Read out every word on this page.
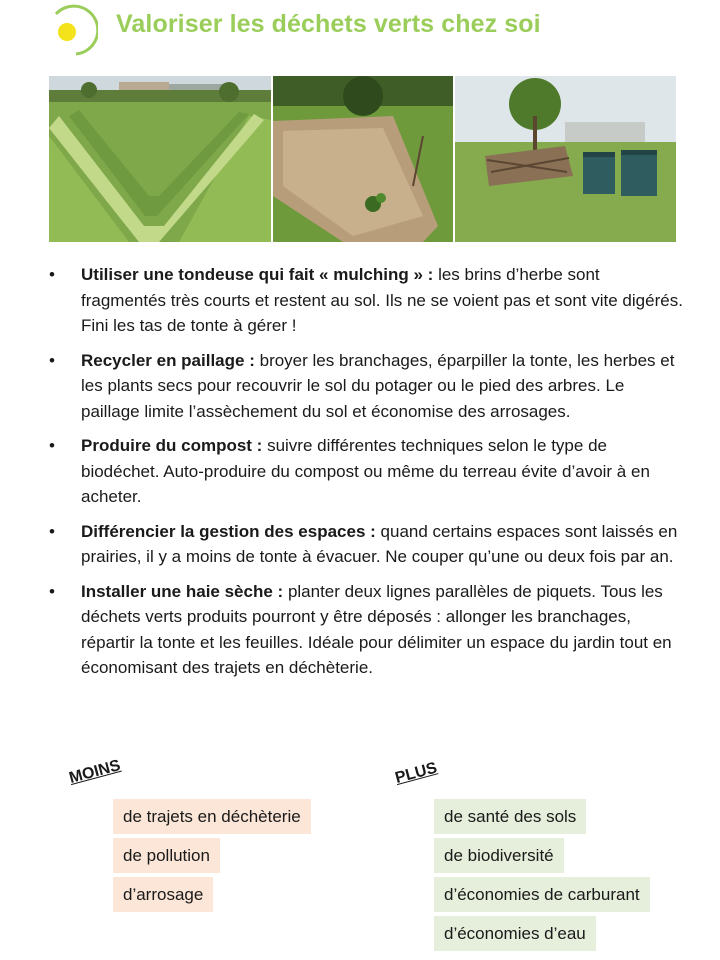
Valoriser les déchets verts chez soi
• Utiliser une tondeuse qui fait « mulching » : les brins d’herbe sont fragmentés très courts et restent au sol. Ils ne se voient pas et sont vite digérés. Fini les tas de tonte à gérer !
• Recycler en paillage : broyer les branchages, éparpiller la tonte, les herbes et les plants secs pour recouvrir le sol du potager ou le pied des arbres. Le paillage limite l’assèchement du sol et économise des arrosages.
• Produire du compost : suivre différentes techniques selon le type de biodéchet. Auto-produire du compost ou même du terreau évite d’avoir à en acheter.
• Différencier la gestion des espaces : quand certains espaces sont laissés en prairies, il y a moins de tonte à évacuer. Ne couper qu’une ou deux fois par an.
• Installer une haie sèche : planter deux lignes parallèles de piquets. Tous les déchets verts produits pourront y être déposés : allonger les branchages, répartir la tonte et les feuilles. Idéale pour délimiter un espace du jardin tout en économisant des trajets en déchèterie.
MOINS	PLUS
de trajets en déchèterie
de pollution
d’arrosage
de santé des sols
de biodiversité
d’économies de carburant
d’économies d’eau
